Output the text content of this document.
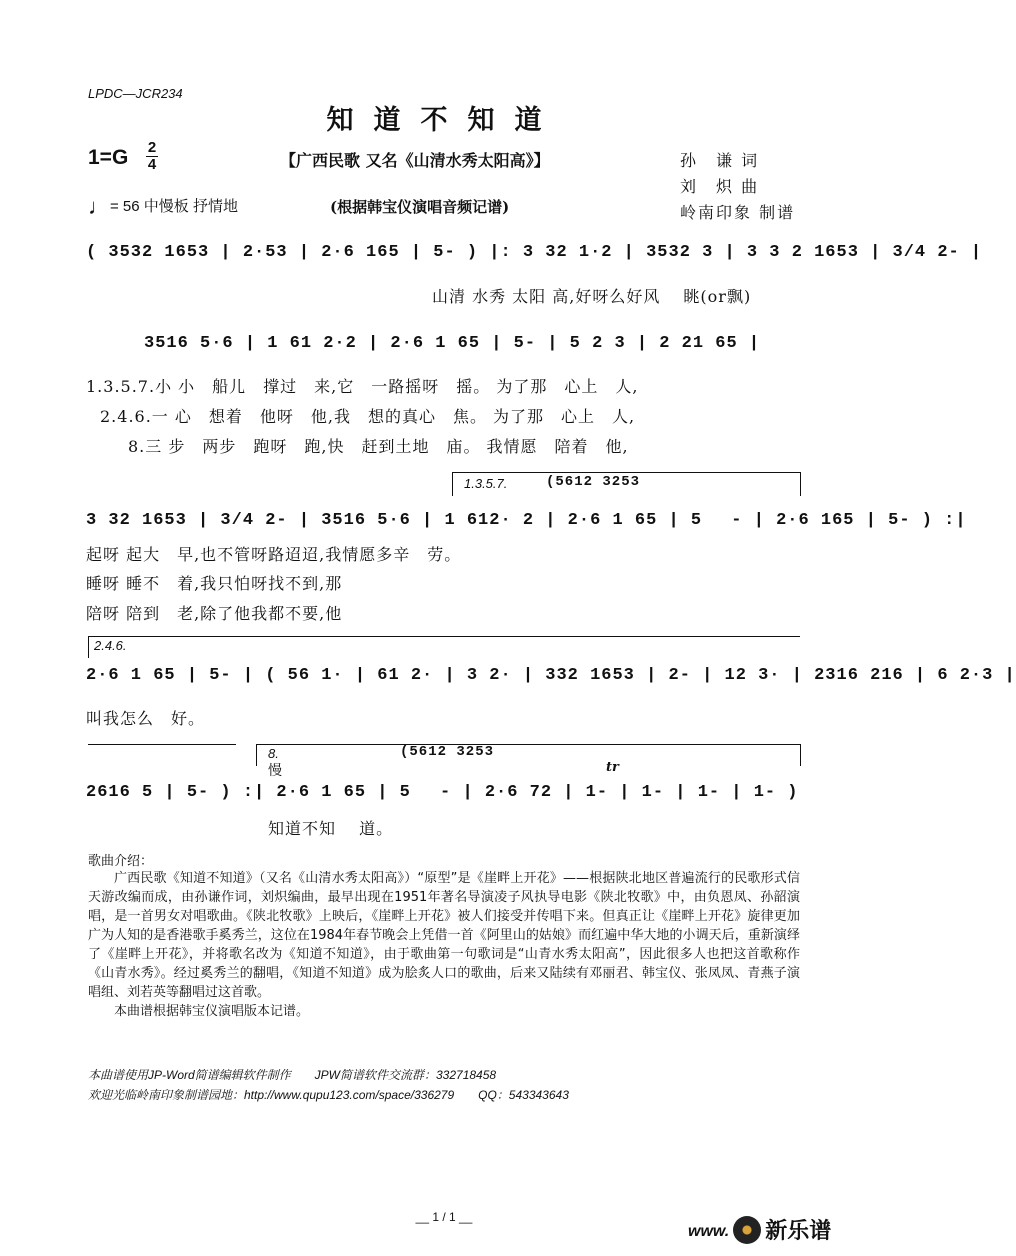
LPDC—JCR234
知道不知道
1=G 2
4	【广西民歌 又名《山清水秀太阳高》】	孙　谦 词
刘　炽 曲
岭南印象 制谱
♩= 56 中慢板 抒情地	(根据韩宝仪演唱音频记谱)
( 3532 1653 | 2·53 | 2·6 165 | 5- ) |: 3 32 1·2 | 3532 3 | 3 3 2 1653 | 3/4 2- |
山清 水秀 太阳 高,好呀么好风　 眺(or飘)
3516 5·6 | 1 61 2·2 | 2·6 1 65 | 5- | 5 2 3 | 2 21 65 |
1.3.5.7.小 小　船儿　撑过　来,它　一路摇呀　摇。 为了那　心上　人,
2.4.6.一 心　想着　他呀　他,我　想的真心　焦。 为了那　心上　人,
8.三 步　两步　跑呀　跑,快　赶到土地　庙。 我情愿　陪着　他,
1.3.5.7.	(5612 3253
3 32 1653 | 3/4 2- | 3516 5·6 | 1 612· 2 | 2·6 1 65 | 5　 - | 2·6 165 | 5- ) :|
起呀 起大　早,也不管呀路迢迢,我情愿多辛　劳。
睡呀 睡不　着,我只怕呀找不到,那
陪呀 陪到　老,除了他我都不要,他
2.4.6.
2·6 1 65 | 5- | ( 56 1· | 61 2· | 3 2· | 332 1653 | 2- | 12 3· | 2316 216 | 6 2·3 |
叫我怎么　好。
8.
慢
(5612 3253
tr
2616 5 | 5- ) :| 2·6 1 65 | 5　 - | 2·6 72 | 1- | 1- | 1- | 1- )
知道不知　 道。
歌曲介绍：

广西民歌《知道不知道》（又名《山清水秀太阳高》）“原型”是《崖畔上开花》——根据陕北地区普遍流行的民歌形式信天游改编而成，由孙谦作词，刘炽编曲，最早出现在1951年著名导演凌子风执导电影《陕北牧歌》中，由负恩凤、孙韶演唱，是一首男女对唱歌曲。《陕北牧歌》上映后，《崖畔上开花》被人们接受并传唱下来。但真正让《崖畔上开花》旋律更加广为人知的是香港歌手奚秀兰，这位在1984年春节晚会上凭借一首《阿里山的姑娘》而红遍中华大地的小调天后，重新演绎了《崖畔上开花》，并将歌名改为《知道不知道》，由于歌曲第一句歌词是“山青水秀太阳高”，因此很多人也把这首歌称作《山青水秀》。经过奚秀兰的翻唱，《知道不知道》成为脍炙人口的歌曲，后来又陆续有邓丽君、韩宝仪、张凤凤、青燕子演唱组、刘若英等翻唱过这首歌。

本曲谱根据韩宝仪演唱版本记谱。

本曲谱使用JP-Word简谱编辑软件制作　　JPW简谱软件交流群：332718458
欢迎光临岭南印象制谱园地：http://www.qupu123.com/space/336279　　QQ：543343643
__ 1 / 1 __
www. 新乐谱
